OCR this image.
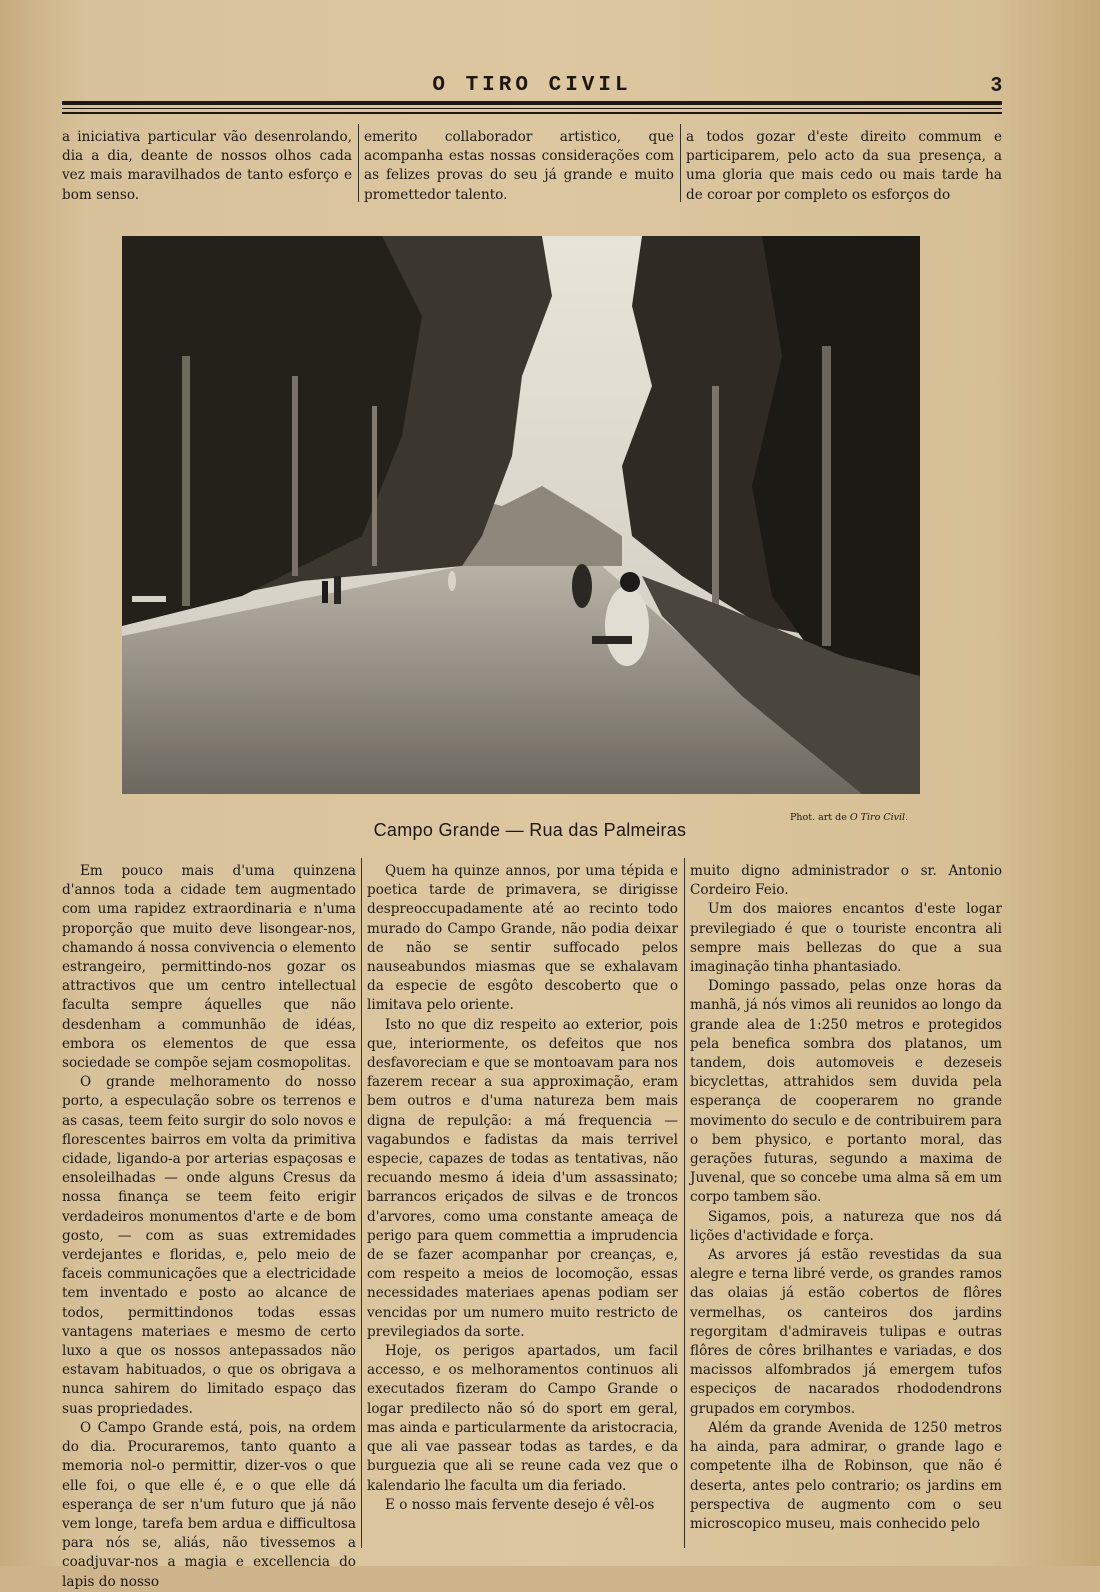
O TIRO CIVIL	3

a iniciativa particular vão desenrolando, dia a dia, deante de nossos olhos cada vez mais maravilhados de tanto esforço e bom senso.

emerito collaborador artistico, que acompanha estas nossas considerações com as felizes provas do seu já grande e muito promettedor talento.

a todos gozar d'este direito commum e participarem, pelo acto da sua presença, a uma gloria que mais cedo ou mais tarde ha de coroar por completo os esforços do

Phot. art de O Tiro Civil.
Campo Grande — Rua das Palmeiras

Em pouco mais d'uma quinzena d'annos toda a cidade tem augmentado com uma rapidez extraordinaria e n'uma proporção que muito deve lisongear-nos, chamando á nossa convivencia o elemento estrangeiro, permittindo-nos gozar os attractivos que um centro intellectual faculta sempre áquelles que não desdenham a communhão de idéas, embora os elementos de que essa sociedade se compõe sejam cosmopolitas.

O grande melhoramento do nosso porto, a especulação sobre os terrenos e as casas, teem feito surgir do solo novos e florescentes bairros em volta da primitiva cidade, ligando-a por arterias espaçosas e ensoleilhadas — onde alguns Cresus da nossa finança se teem feito erigir verdadeiros monumentos d'arte e de bom gosto, — com as suas extremidades verdejantes e floridas, e, pelo meio de faceis communicações que a electricidade tem inventado e posto ao alcance de todos, permittindonos todas essas vantagens materiaes e mesmo de certo luxo a que os nossos antepassados não estavam habituados, o que os obrigava a nunca sahirem do limitado espaço das suas propriedades.

O Campo Grande está, pois, na ordem do dia. Procuraremos, tanto quanto a memoria nol-o permittir, dizer-vos o que elle foi, o que elle é, e o que elle dá esperança de ser n'um futuro que já não vem longe, tarefa bem ardua e difficultosa para nós se, aliás, não tivessemos a coadjuvar-nos a magia e excellencia do lapis do nosso

Quem ha quinze annos, por uma tépida e poetica tarde de primavera, se dirigisse despreoccupadamente até ao recinto todo murado do Campo Grande, não podia deixar de não se sentir suffocado pelos nauseabundos miasmas que se exhalavam da especie de esgôto descoberto que o limitava pelo oriente.

Isto no que diz respeito ao exterior, pois que, interiormente, os defeitos que nos desfavoreciam e que se montoavam para nos fazerem recear a sua approximação, eram bem outros e d'uma natureza bem mais digna de repulção: a má frequencia — vagabundos e fadistas da mais terrivel especie, capazes de todas as tentativas, não recuando mesmo á ideia d'um assassinato; barrancos eriçados de silvas e de troncos d'arvores, como uma constante ameaça de perigo para quem commettia a imprudencia de se fazer acompanhar por creanças, e, com respeito a meios de locomoção, essas necessidades materiaes apenas podiam ser vencidas por um numero muito restricto de previlegiados da sorte.

Hoje, os perigos apartados, um facil accesso, e os melhoramentos continuos ali executados fizeram do Campo Grande o logar predilecto não só do sport em geral, mas ainda e particularmente da aristocracia, que ali vae passear todas as tardes, e da burguezia que ali se reune cada vez que o kalendario lhe faculta um dia feriado.

E o nosso mais fervente desejo é vêl-os

muito digno administrador o sr. Antonio Cordeiro Feio.

Um dos maiores encantos d'este logar previlegiado é que o touriste encontra ali sempre mais bellezas do que a sua imaginação tinha phantasiado.

Domingo passado, pelas onze horas da manhã, já nós vimos ali reunidos ao longo da grande alea de 1:250 metros e protegidos pela benefica sombra dos platanos, um tandem, dois automoveis e dezeseis bicyclettas, attrahidos sem duvida pela esperança de cooperarem no grande movimento do seculo e de contribuirem para o bem physico, e portanto moral, das gerações futuras, segundo a maxima de Juvenal, que so concebe uma alma sã em um corpo tambem são.

Sigamos, pois, a natureza que nos dá lições d'actividade e força.

As arvores já estão revestidas da sua alegre e terna libré verde, os grandes ramos das olaias já estão cobertos de flôres vermelhas, os canteiros dos jardins regorgitam d'admiraveis tulipas e outras flôres de côres brilhantes e variadas, e dos macissos alfombrados já emergem tufos especiços de nacarados rhododendrons grupados em corymbos.

Além da grande Avenida de 1250 metros ha ainda, para admirar, o grande lago e competente ilha de Robinson, que não é deserta, antes pelo contrario; os jardins em perspectiva de augmento com o seu microscopico museu, mais conhecido pelo
